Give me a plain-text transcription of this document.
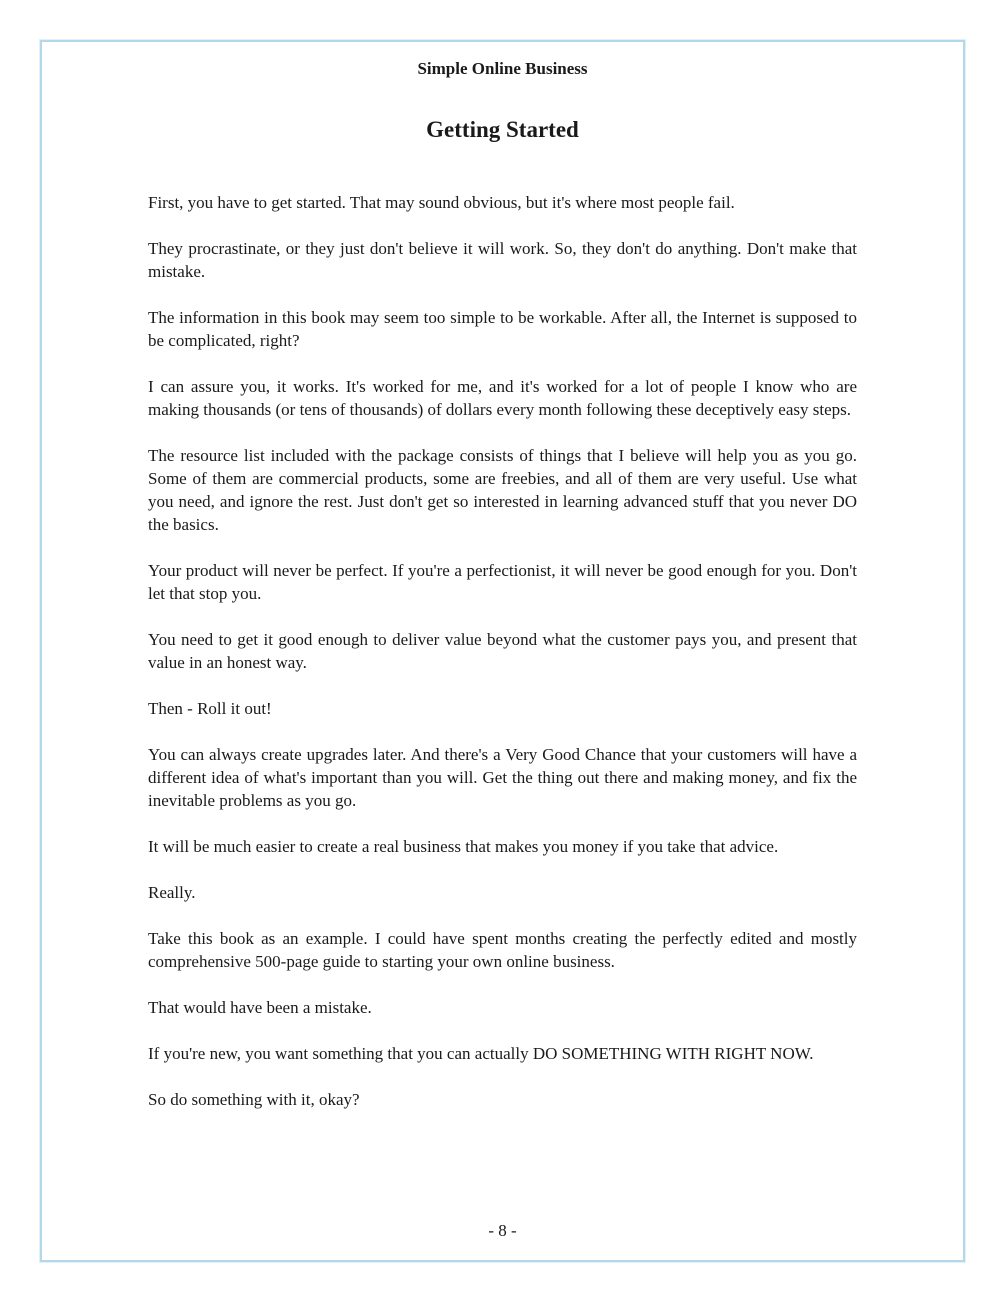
Simple Online Business
Getting Started

First, you have to get started. That may sound obvious, but it's where most people fail.

They procrastinate, or they just don't believe it will work. So, they don't do anything. Don't make that mistake.

The information in this book may seem too simple to be workable. After all, the Internet is supposed to be complicated, right?

I can assure you, it works. It's worked for me, and it's worked for a lot of people I know who are making thousands (or tens of thousands) of dollars every month following these deceptively easy steps.

The resource list included with the package consists of things that I believe will help you as you go. Some of them are commercial products, some are freebies, and all of them are very useful. Use what you need, and ignore the rest. Just don't get so interested in learning advanced stuff that you never DO the basics.

Your product will never be perfect. If you're a perfectionist, it will never be good enough for you. Don't let that stop you.

You need to get it good enough to deliver value beyond what the customer pays you, and present that value in an honest way.

Then - Roll it out!

You can always create upgrades later. And there's a Very Good Chance that your customers will have a different idea of what's important than you will. Get the thing out there and making money, and fix the inevitable problems as you go.

It will be much easier to create a real business that makes you money if you take that advice.

Really.

Take this book as an example. I could have spent months creating the perfectly edited and mostly comprehensive 500-page guide to starting your own online business.

That would have been a mistake.

If you're new, you want something that you can actually DO SOMETHING WITH RIGHT NOW.

So do something with it, okay?

- 8 -
